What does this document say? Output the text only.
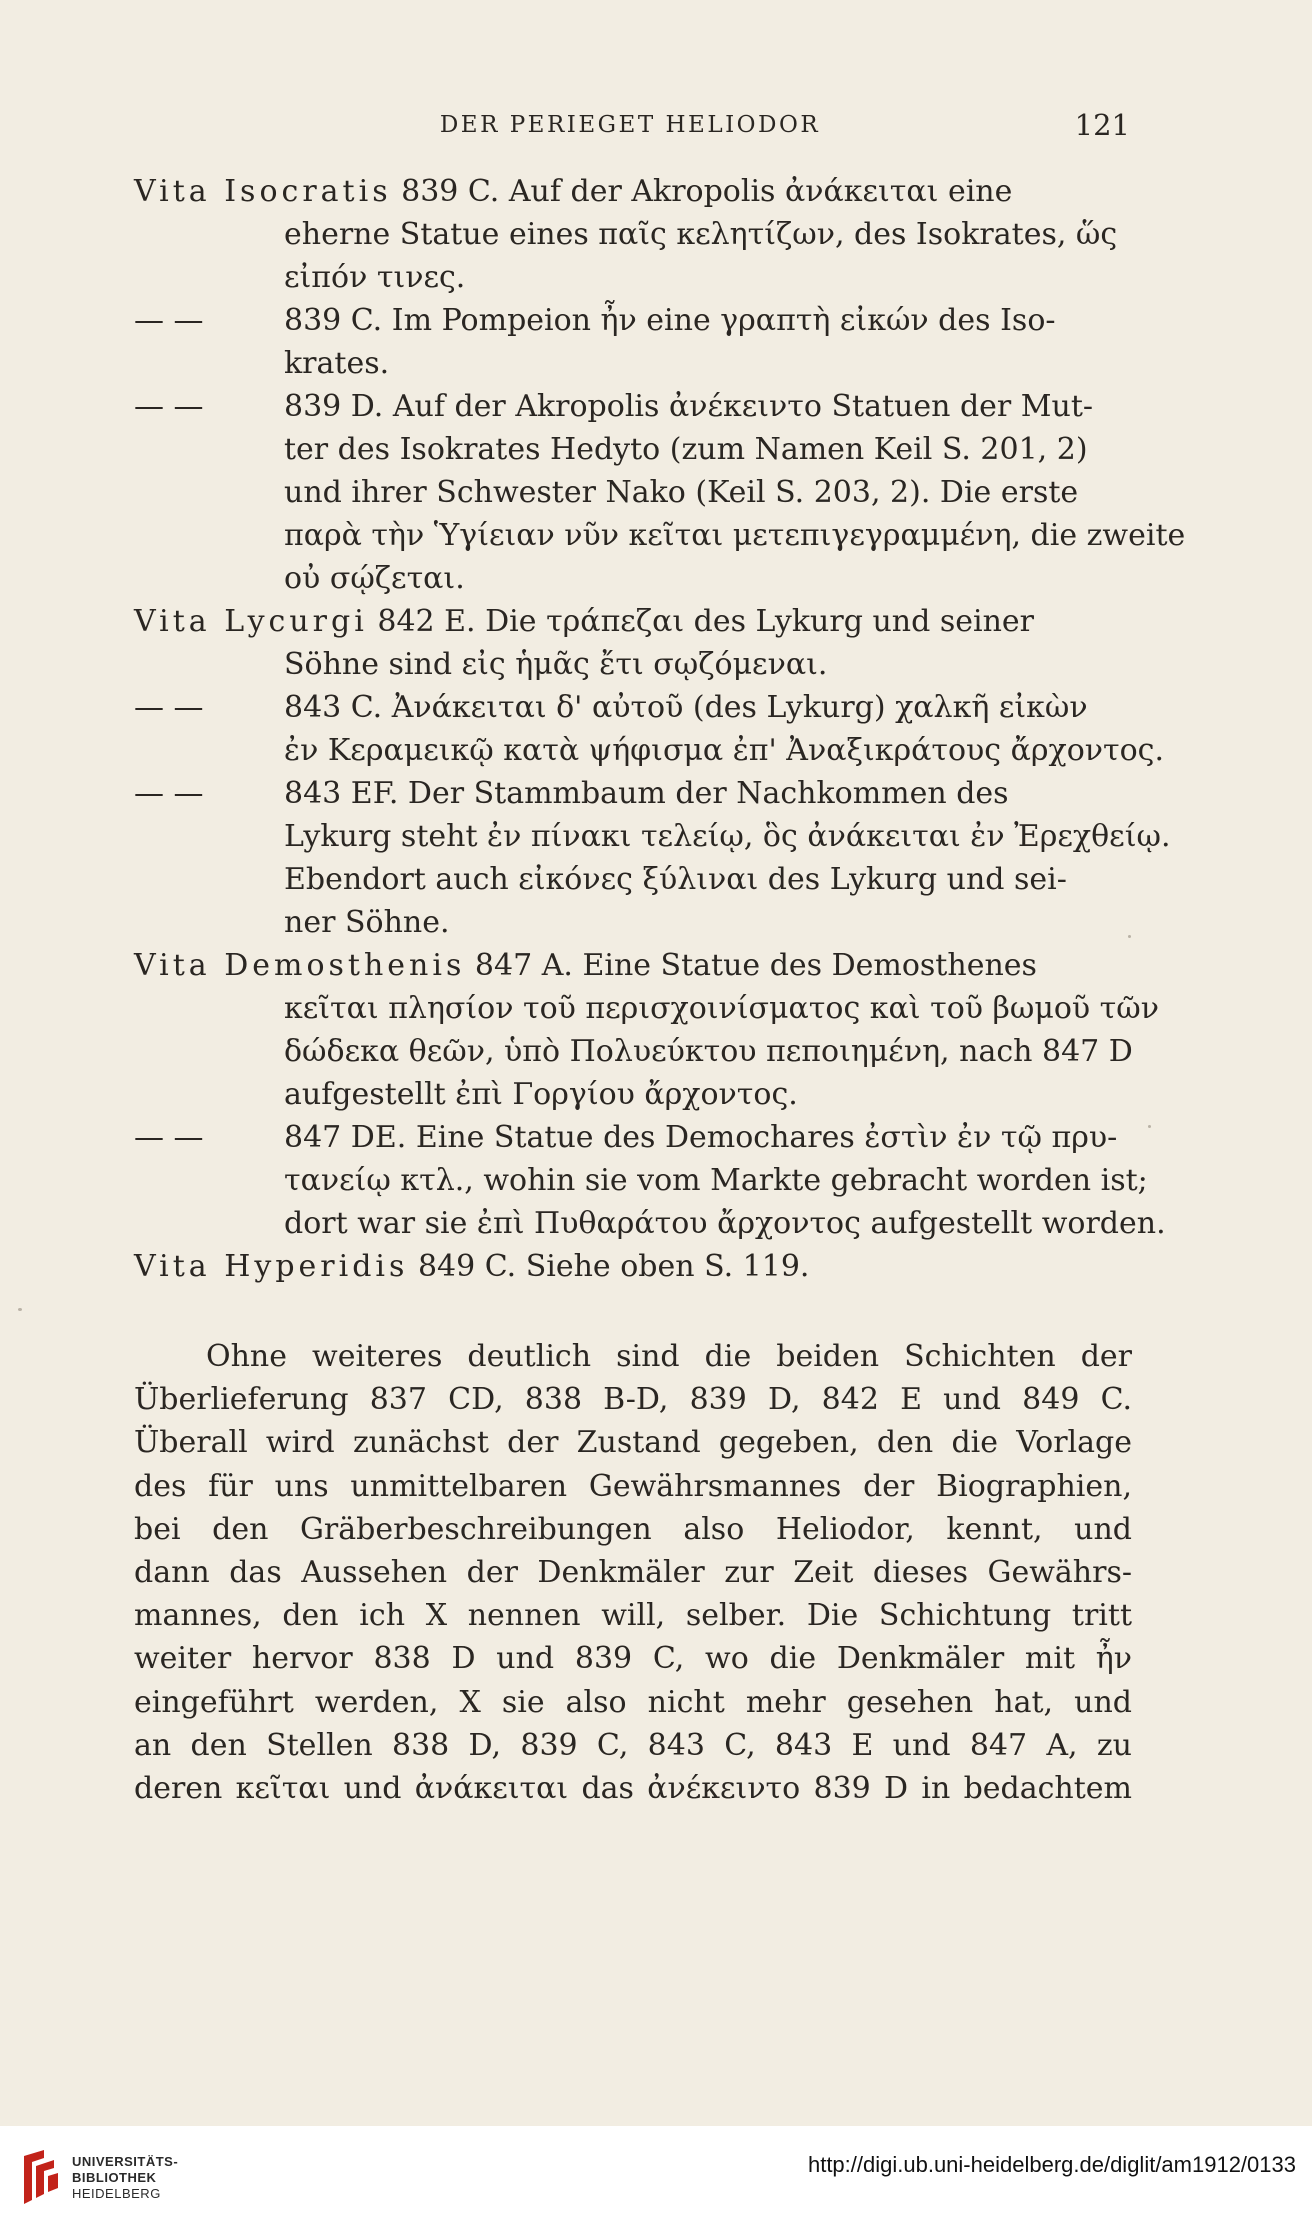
DER PERIEGET HELIODOR	121
Vita Isocratis 839 C. Auf der Akropolis ἀνάκειται eine
eherne Statue eines παῖς κελητίζων, des Isokrates, ὥς
εἰπόν τινες.
— —	839 C. Im Pompeion ἦν eine γραπτὴ εἰκών des Iso-
krates.
— —	839 D. Auf der Akropolis ἀνέκειντο Statuen der Mut-
ter des Isokrates Hedyto (zum Namen Keil S. 201, 2)
und ihrer Schwester Nako (Keil S. 203, 2). Die erste
παρὰ τὴν Ὑγίειαν νῦν κεῖται μετεπιγεγραμμένη, die zweite
οὐ σῴζεται.
Vita Lycurgi 842 E. Die τράπεζαι des Lykurg und seiner
Söhne sind εἰς ἡμᾶς ἔτι σῳζόμεναι.
— —	843 C. Ἀνάκειται δ' αὐτοῦ (des Lykurg) χαλκῆ εἰκὼν
ἐν Κεραμεικῷ κατὰ ψήφισμα ἐπ' Ἀναξικράτους ἄρχοντος.
— —	843 EF. Der Stammbaum der Nachkommen des
Lykurg steht ἐν πίνακι τελείῳ, ὃς ἀνάκειται ἐν Ἐρεχθείῳ.
Ebendort auch εἰκόνες ξύλιναι des Lykurg und sei-
ner Söhne.
Vita Demosthenis 847 A. Eine Statue des Demosthenes
κεῖται πλησίον τοῦ περισχοινίσματος καὶ τοῦ βωμοῦ τῶν
δώδεκα θεῶν, ὑπὸ Πολυεύκτου πεποιημένη, nach 847 D
aufgestellt ἐπὶ Γοργίου ἄρχοντος.
— —	847 DE. Eine Statue des Demochares ἐστὶν ἐν τῷ πρυ-
τανείῳ κτλ., wohin sie vom Markte gebracht worden ist;
dort war sie ἐπὶ Πυθαράτου ἄρχοντος aufgestellt worden.
Vita Hyperidis 849 C. Siehe oben S. 119.
Ohne weiteres deutlich sind die beiden Schichten der
Überlieferung 837 CD, 838 B-D, 839 D, 842 E und 849 C.
Überall wird zunächst der Zustand gegeben, den die Vorlage
des für uns unmittelbaren Gewährsmannes der Biographien,
bei den Gräberbeschreibungen also Heliodor, kennt, und
dann das Aussehen der Denkmäler zur Zeit dieses Gewährs-
mannes, den ich X nennen will, selber. Die Schichtung tritt
weiter hervor 838 D und 839 C, wo die Denkmäler mit ἦν
eingeführt werden, X sie also nicht mehr gesehen hat, und
an den Stellen 838 D, 839 C, 843 C, 843 E und 847 A, zu
deren κεῖται und ἀνάκειται das ἀνέκειντο 839 D in bedachtem
UNIVERSITÄTS-
BIBLIOTHEK
HEIDELBERG
http://digi.ub.uni-heidelberg.de/diglit/am1912/0133
